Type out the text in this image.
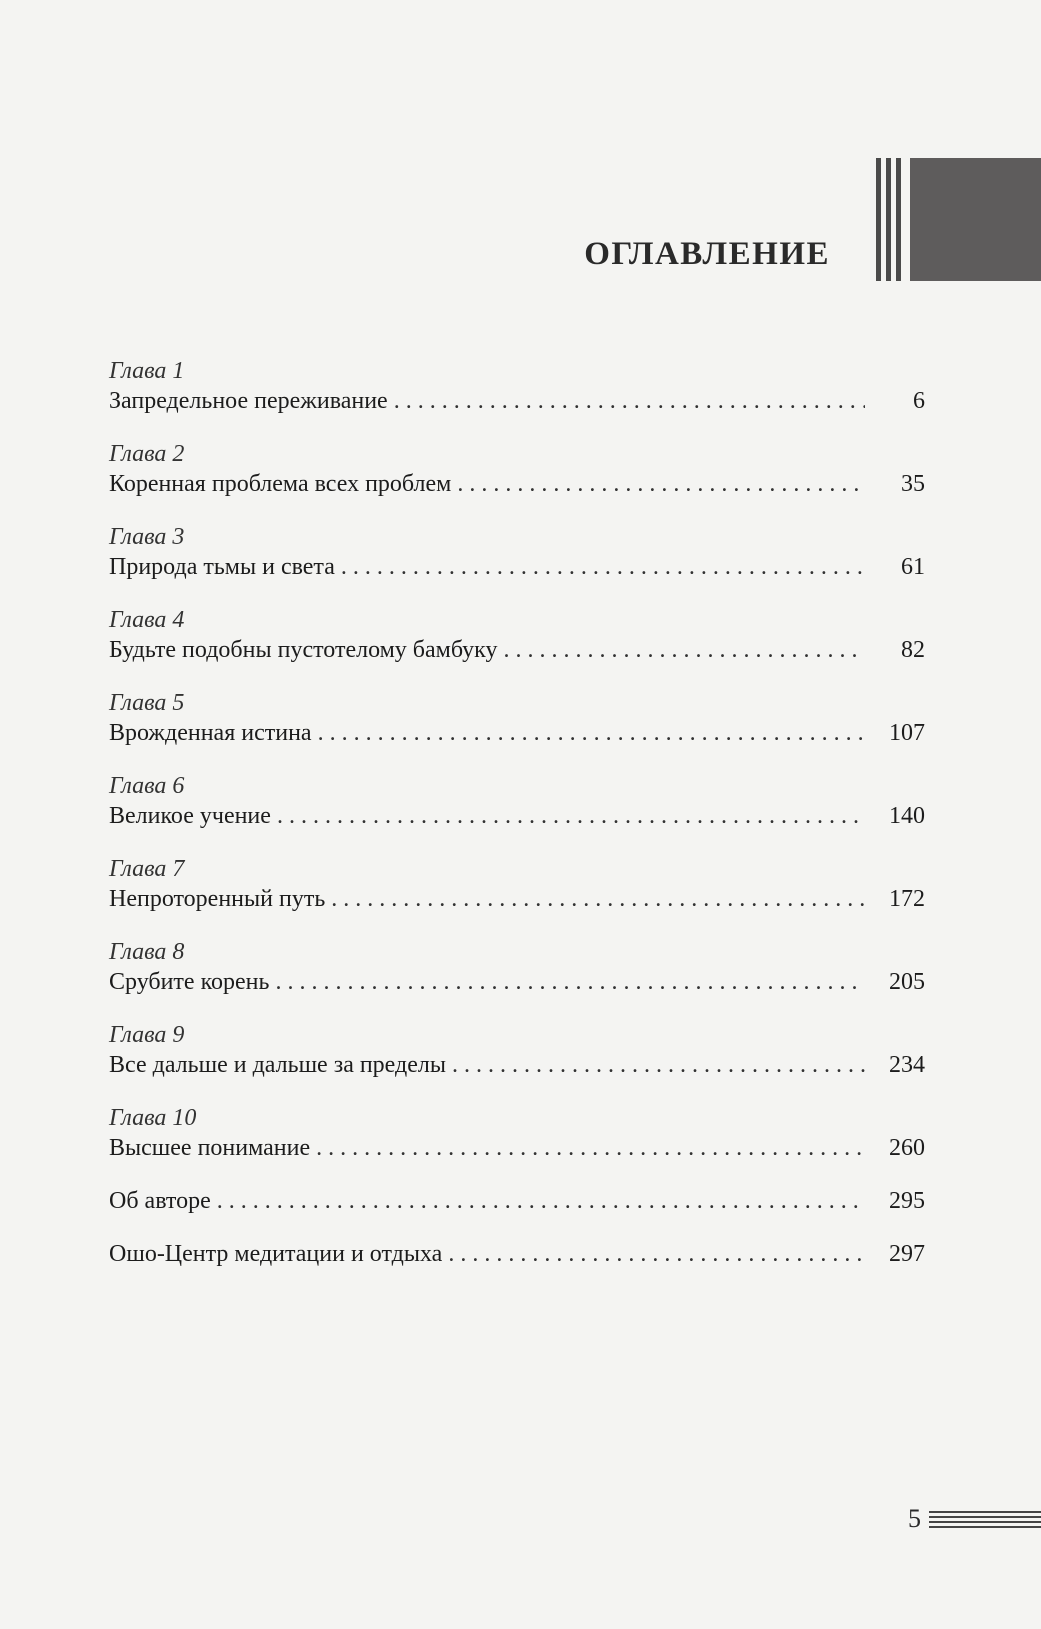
ОГЛАВЛЕНИЕ
Глава 1
Запредельное переживание . . .	6
Глава 2
Коренная проблема всех проблем . . .	35
Глава 3
Природа тьмы и света . . .	61
Глава 4
Будьте подобны пустотелому бамбуку . . .	82
Глава 5
Врожденная истина . . .	107
Глава 6
Великое учение . . .	140
Глава 7
Непроторенный путь . . .	172
Глава 8
Срубите корень . . .	205
Глава 9
Все дальше и дальше за пределы . . .	234
Глава 10
Высшее понимание . . .	260
Об авторе . . .	295
Ошо-Центр медитации и отдыха . . .	297
5
